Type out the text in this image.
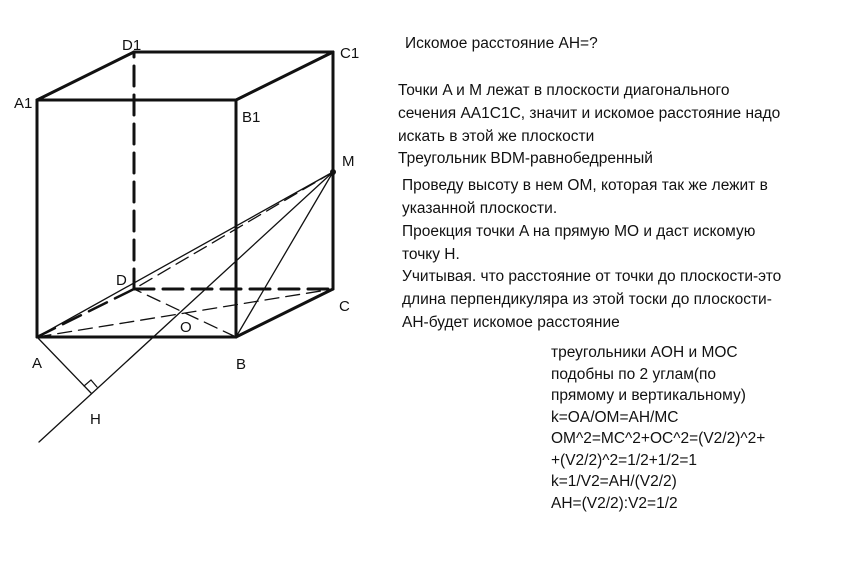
A1
D1	C1
B1
M
D
C
O
A	B
H
Искомое расстояние AH=?
Точки A и M лежат в плоскости диагонального
сечения AA1C1C, значит и искомое расстояние надо
искать в этой же плоскости
Треугольник BDM-равнобедренный
Проведу высоту в нем OM, которая так же лежит в
указанной плоскости.
Проекция точки A на прямую MO и даст искомую
точку H.
Учитывая. что расстояние от точки до плоскости-это
длина перпендикуляра из этой тоски до плоскости-
AH-будет искомое расстояние
треугольники AOH и MOC
подобны по 2 углам(по
прямому и вертикальному)
k=OA/OM=AH/MC
OM^2=MC^2+OC^2=(V2/2)^2+
+(V2/2)^2=1/2+1/2=1
k=1/V2=AH/(V2/2)
AH=(V2/2):V2=1/2
